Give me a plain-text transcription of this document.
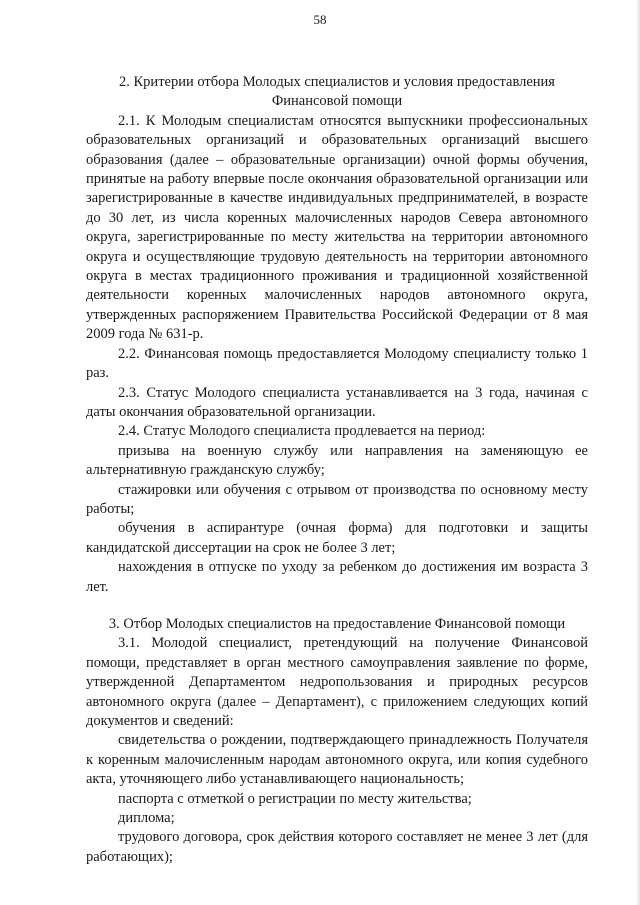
58
2. Критерии отбора Молодых специалистов и условия предоставления Финансовой помощи

2.1. К Молодым специалистам относятся выпускники профессиональных образовательных организаций и образовательных организаций высшего образования (далее – образовательные организации) очной формы обучения, принятые на работу впервые после окончания образовательной организации или зарегистрированные в качестве индивидуальных предпринимателей, в возрасте до 30 лет, из числа коренных малочисленных народов Севера автономного округа, зарегистрированные по месту жительства на территории автономного округа и осуществляющие трудовую деятельность на территории автономного округа в местах традиционного проживания и традиционной хозяйственной деятельности коренных малочисленных народов автономного округа, утвержденных распоряжением Правительства Российской Федерации от 8 мая 2009 года № 631-р.

2.2. Финансовая помощь предоставляется Молодому специалисту только 1 раз.

2.3. Статус Молодого специалиста устанавливается на 3 года, начиная с даты окончания образовательной организации.

2.4. Статус Молодого специалиста продлевается на период:

призыва на военную службу или направления на заменяющую ее альтернативную гражданскую службу;

стажировки или обучения с отрывом от производства по основному месту работы;

обучения в аспирантуре (очная форма) для подготовки и защиты кандидатской диссертации на срок не более 3 лет;

нахождения в отпуске по уходу за ребенком до достижения им возраста 3 лет.

3. Отбор Молодых специалистов на предоставление Финансовой помощи

3.1. Молодой специалист, претендующий на получение Финансовой помощи, представляет в орган местного самоуправления заявление по форме, утвержденной Департаментом недропользования и природных ресурсов автономного округа (далее – Департамент), с приложением следующих копий документов и сведений:

свидетельства о рождении, подтверждающего принадлежность Получателя к коренным малочисленным народам автономного округа, или копия судебного акта, уточняющего либо устанавливающего национальность;

паспорта с отметкой о регистрации по месту жительства;

диплома;

трудового договора, срок действия которого составляет не менее 3 лет (для работающих);
